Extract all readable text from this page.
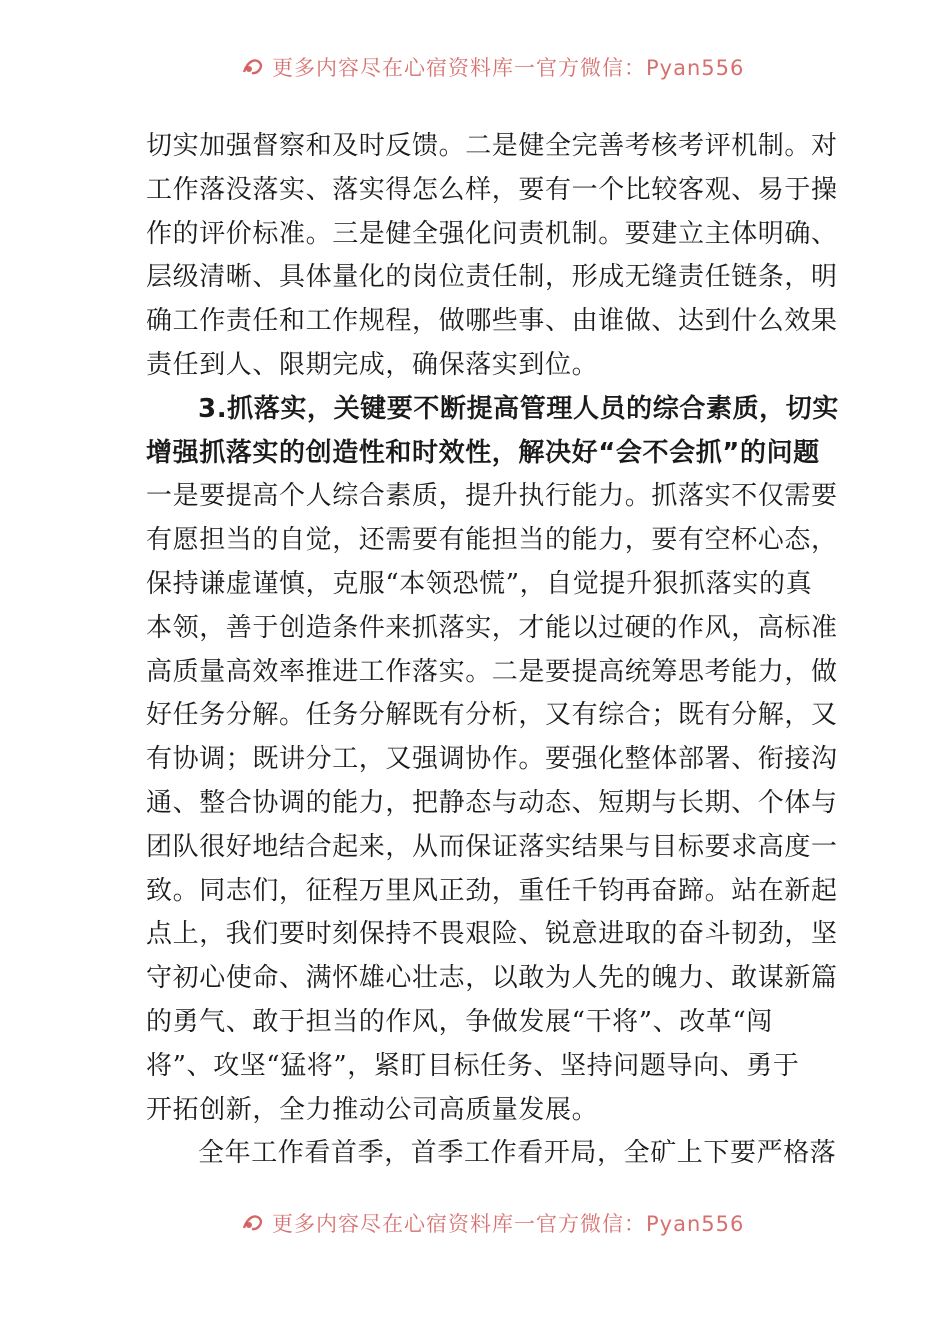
更多内容尽在心宿资料库一官方微信：Pyan556
切实加强督察和及时反馈。二是健全完善考核考评机制。对
工作落没落实、落实得怎么样，要有一个比较客观、易于操
作的评价标准。三是健全强化问责机制。要建立主体明确、
层级清晰、具体量化的岗位责任制，形成无缝责任链条，明
确工作责任和工作规程，做哪些事、由谁做、达到什么效果
责任到人、限期完成，确保落实到位。
3.抓落实，关键要不断提高管理人员的综合素质，切实
增强抓落实的创造性和时效性，解决好“会不会抓”的问题
一是要提高个人综合素质，提升执行能力。抓落实不仅需要
有愿担当的自觉，还需要有能担当的能力，要有空杯心态，
保持谦虚谨慎，克服“本领恐慌”，自觉提升狠抓落实的真
本领，善于创造条件来抓落实，才能以过硬的作风，高标准
高质量高效率推进工作落实。二是要提高统筹思考能力，做
好任务分解。任务分解既有分析，又有综合；既有分解，又
有协调；既讲分工，又强调协作。要强化整体部署、衔接沟
通、整合协调的能力，把静态与动态、短期与长期、个体与
团队很好地结合起来，从而保证落实结果与目标要求高度一
致。同志们，征程万里风正劲，重任千钧再奋蹄。站在新起
点上，我们要时刻保持不畏艰险、锐意进取的奋斗韧劲，坚
守初心使命、满怀雄心壮志，以敢为人先的魄力、敢谋新篇
的勇气、敢于担当的作风，争做发展“干将”、改革“闯
将”、攻坚“猛将”，紧盯目标任务、坚持问题导向、勇于
开拓创新，全力推动公司高质量发展。
全年工作看首季，首季工作看开局，全矿上下要严格落
更多内容尽在心宿资料库一官方微信：Pyan556
